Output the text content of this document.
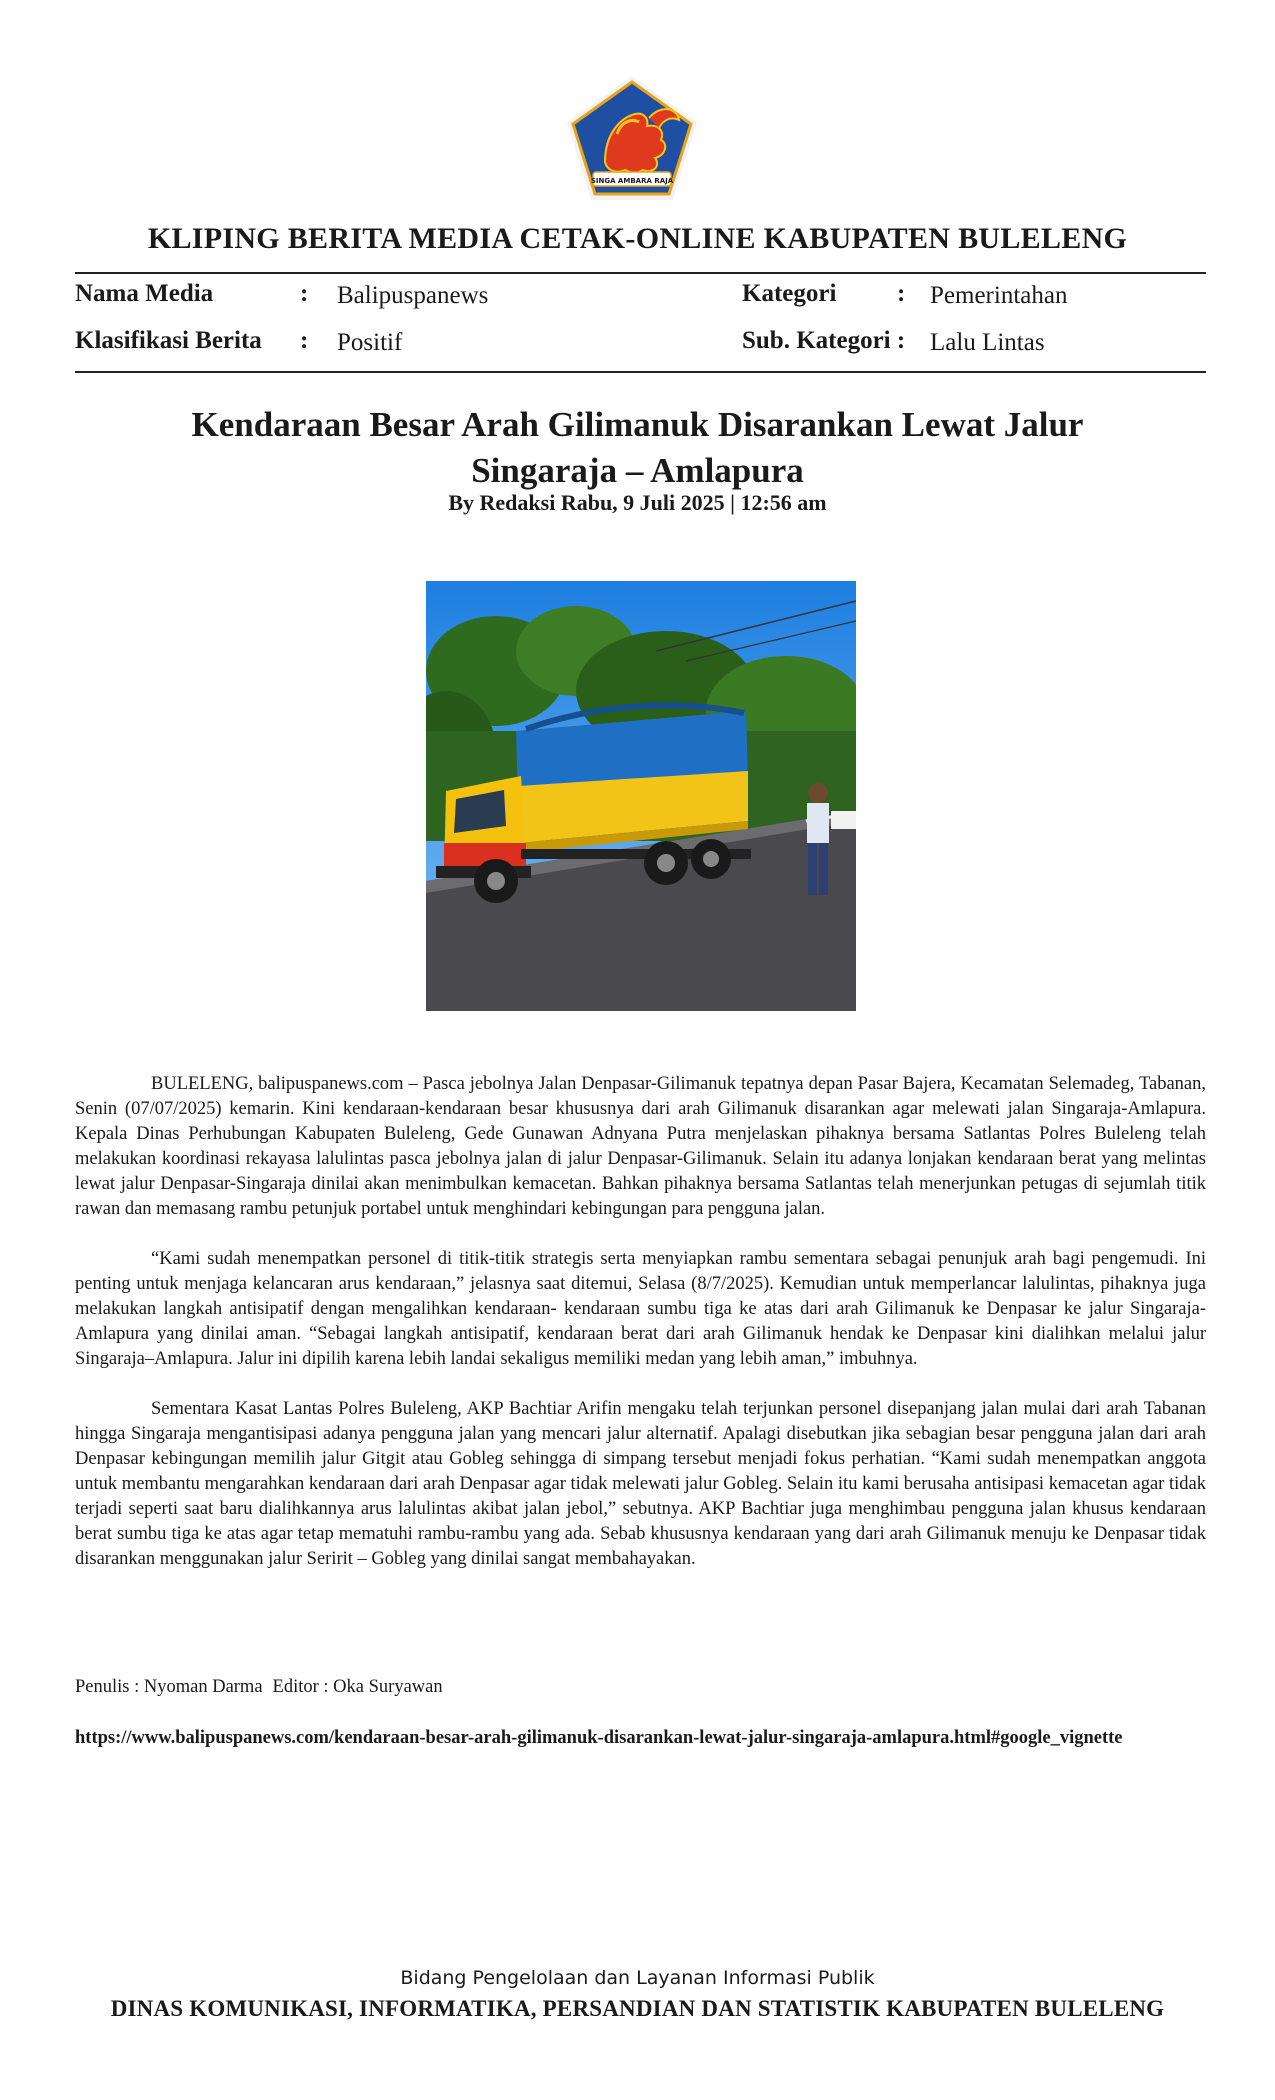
SINGA AMBARA RAJA
KLIPING BERITA MEDIA CETAK-ONLINE KABUPATEN BULELENG
Nama Media	: Balipuspanews
Klasifikasi Berita : Positif
Kategori : Pemerintahan
Sub. Kategori : Lalu Lintas
Kendaraan Besar Arah Gilimanuk Disarankan Lewat Jalur Singaraja – Amlapura
By Redaksi Rabu, 9 Juli 2025 | 12:56 am

BULELENG, balipuspanews.com – Pasca jebolnya Jalan Denpasar-Gilimanuk tepatnya depan Pasar Bajera, Kecamatan Selemadeg, Tabanan, Senin (07/07/2025) kemarin. Kini kendaraan-kendaraan besar khususnya dari arah Gilimanuk disarankan agar melewati jalan Singaraja-Amlapura. Kepala Dinas Perhubungan Kabupaten Buleleng, Gede Gunawan Adnyana Putra menjelaskan pihaknya bersama Satlantas Polres Buleleng telah melakukan koordinasi rekayasa lalulintas pasca jebolnya jalan di jalur Denpasar-Gilimanuk. Selain itu adanya lonjakan kendaraan berat yang melintas lewat jalur Denpasar-Singaraja dinilai akan menimbulkan kemacetan. Bahkan pihaknya bersama Satlantas telah menerjunkan petugas di sejumlah titik rawan dan memasang rambu petunjuk portabel untuk menghindari kebingungan para pengguna jalan.

“Kami sudah menempatkan personel di titik-titik strategis serta menyiapkan rambu sementara sebagai penunjuk arah bagi pengemudi. Ini penting untuk menjaga kelancaran arus kendaraan,” jelasnya saat ditemui, Selasa (8/7/2025). Kemudian untuk memperlancar lalulintas, pihaknya juga melakukan langkah antisipatif dengan mengalihkan kendaraan- kendaraan sumbu tiga ke atas dari arah Gilimanuk ke Denpasar ke jalur Singaraja-Amlapura yang dinilai aman. “Sebagai langkah antisipatif, kendaraan berat dari arah Gilimanuk hendak ke Denpasar kini dialihkan melalui jalur Singaraja–Amlapura. Jalur ini dipilih karena lebih landai sekaligus memiliki medan yang lebih aman,” imbuhnya.

Sementara Kasat Lantas Polres Buleleng, AKP Bachtiar Arifin mengaku telah terjunkan personel disepanjang jalan mulai dari arah Tabanan hingga Singaraja mengantisipasi adanya pengguna jalan yang mencari jalur alternatif. Apalagi disebutkan jika sebagian besar pengguna jalan dari arah Denpasar kebingungan memilih jalur Gitgit atau Gobleg sehingga di simpang tersebut menjadi fokus perhatian. “Kami sudah menempatkan anggota untuk membantu mengarahkan kendaraan dari arah Denpasar agar tidak melewati jalur Gobleg. Selain itu kami berusaha antisipasi kemacetan agar tidak terjadi seperti saat baru dialihkannya arus lalulintas akibat jalan jebol,” sebutnya. AKP Bachtiar juga menghimbau pengguna jalan khusus kendaraan berat sumbu tiga ke atas agar tetap mematuhi rambu-rambu yang ada. Sebab khususnya kendaraan yang dari arah Gilimanuk menuju ke Denpasar tidak disarankan menggunakan jalur Seririt – Gobleg yang dinilai sangat membahayakan.

Penulis : Nyoman Darma Editor : Oka Suryawan
https://www.balipuspanews.com/kendaraan-besar-arah-gilimanuk-disarankan-lewat-jalur-singaraja-amlapura.html#google_vignette
Bidang Pengelolaan dan Layanan Informasi Publik
DINAS KOMUNIKASI, INFORMATIKA, PERSANDIAN DAN STATISTIK KABUPATEN BULELENG
